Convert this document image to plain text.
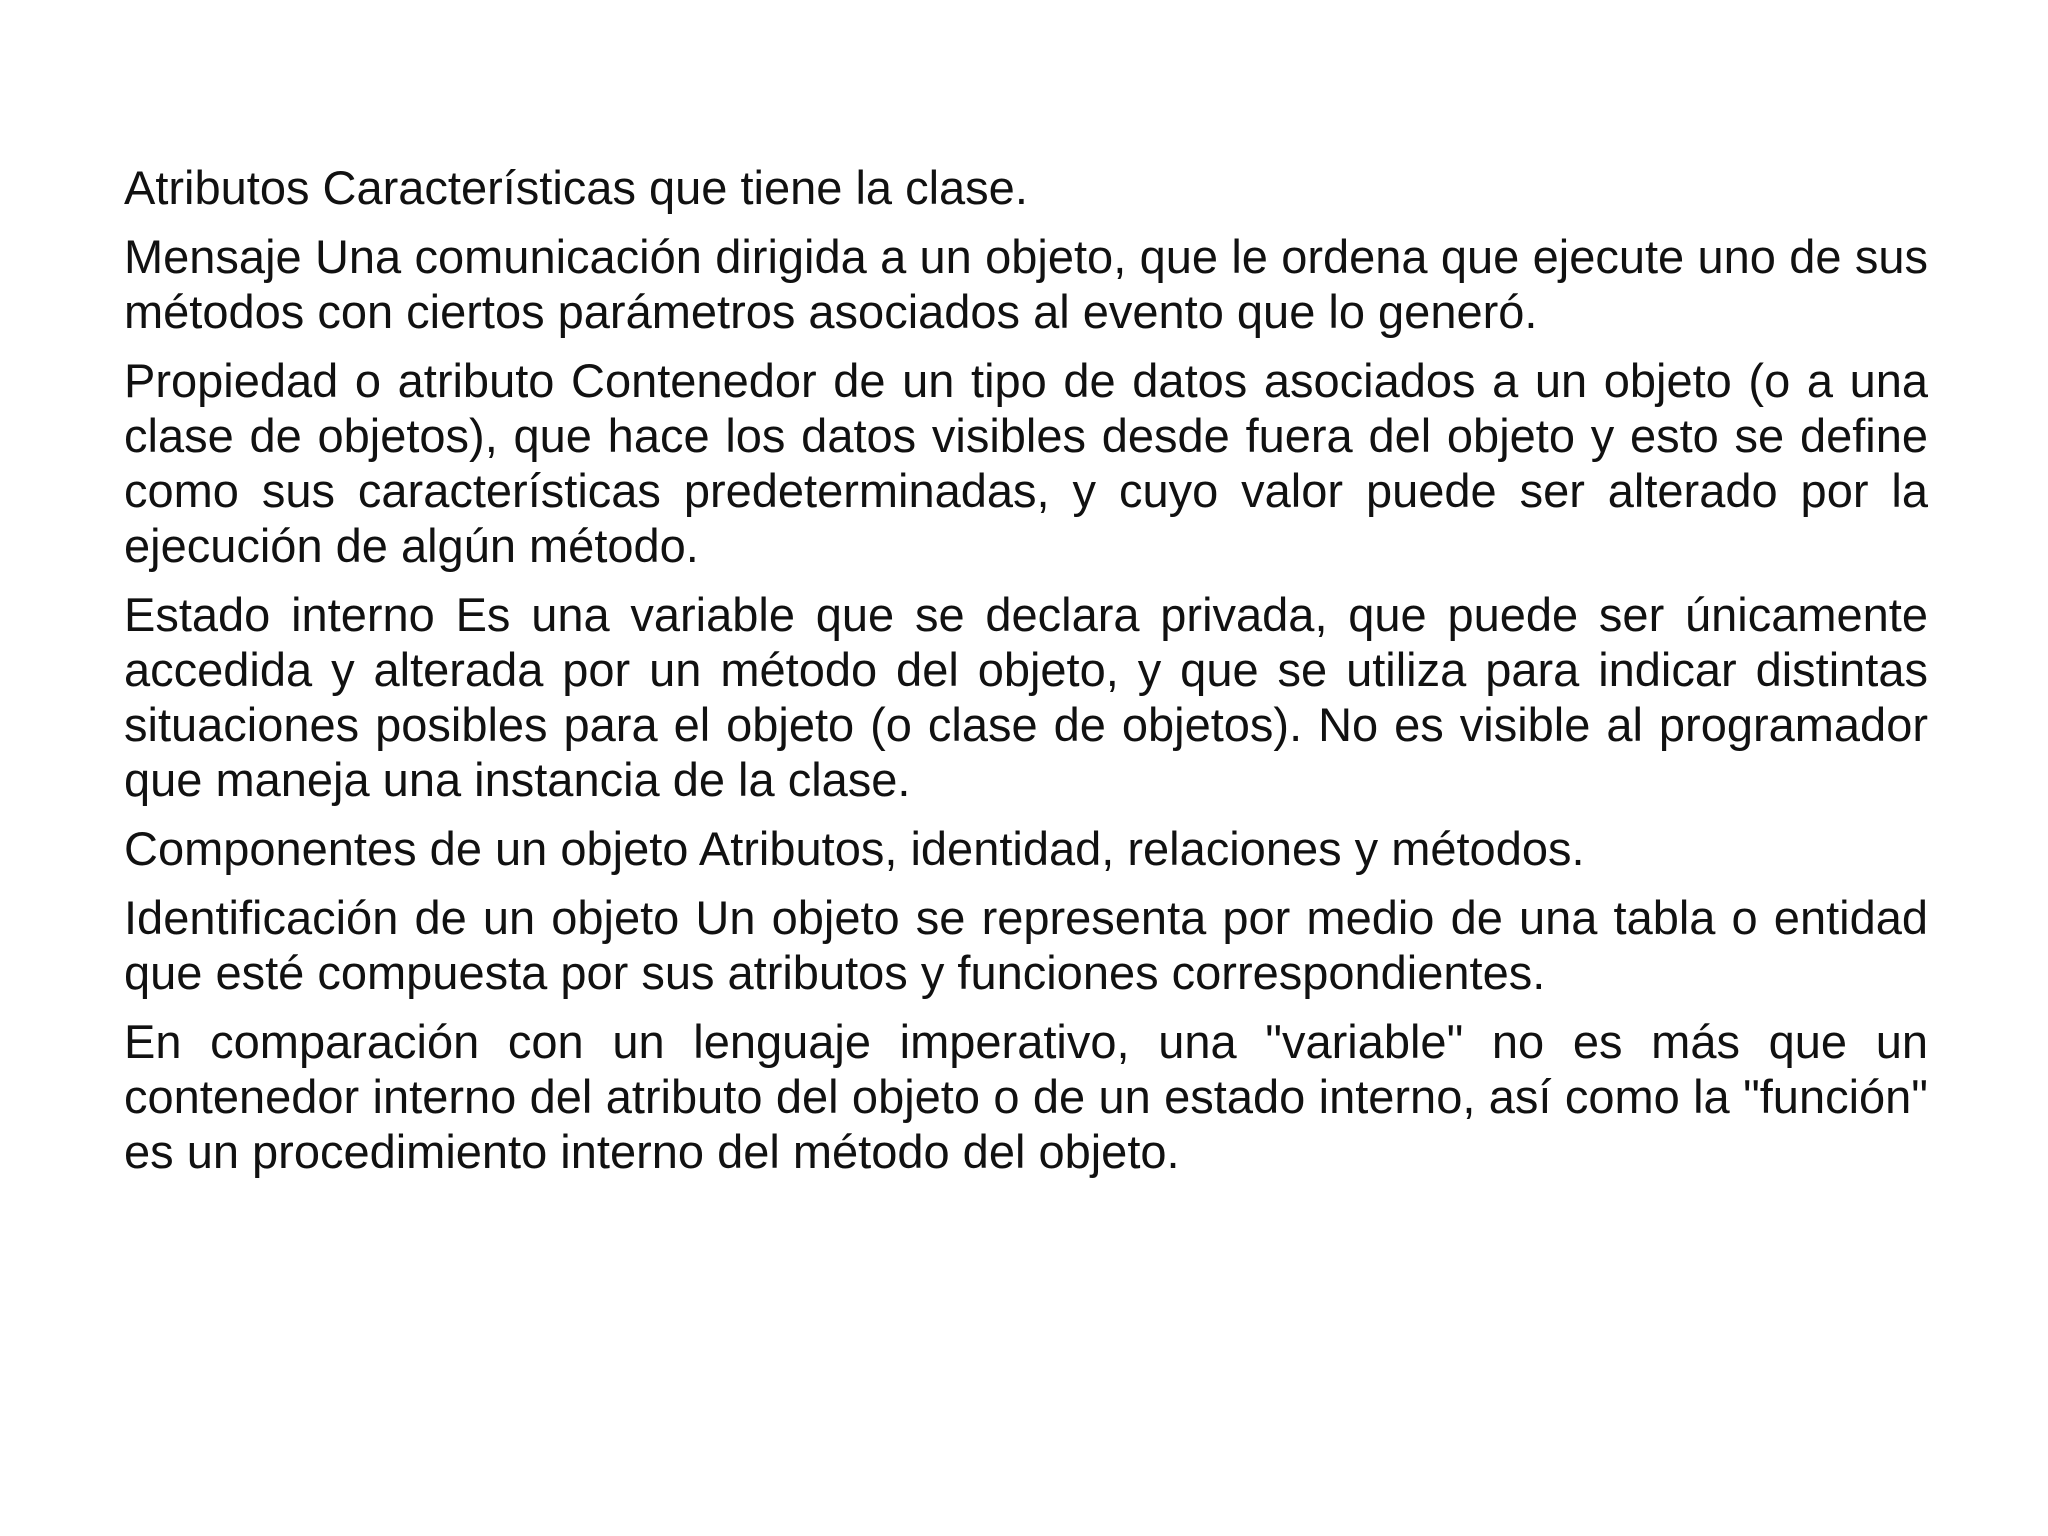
Atributos Características que tiene la clase.

Mensaje Una comunicación dirigida a un objeto, que le ordena que ejecute uno de sus métodos con ciertos parámetros asociados al evento que lo generó.

Propiedad o atributo Contenedor de un tipo de datos asociados a un objeto (o a una clase de objetos), que hace los datos visibles desde fuera del objeto y esto se define como sus características predeterminadas, y cuyo valor puede ser alterado por la ejecución de algún método.

Estado interno Es una variable que se declara privada, que puede ser únicamente accedida y alterada por un método del objeto, y que se utiliza para indicar distintas situaciones posibles para el objeto (o clase de objetos). No es visible al programador que maneja una instancia de la clase.

Componentes de un objeto Atributos, identidad, relaciones y métodos.

Identificación de un objeto Un objeto se representa por medio de una tabla o entidad que esté compuesta por sus atributos y funciones correspondientes.

En comparación con un lenguaje imperativo, una "variable" no es más que un contenedor interno del atributo del objeto o de un estado interno, así como la "función" es un procedimiento interno del método del objeto.
